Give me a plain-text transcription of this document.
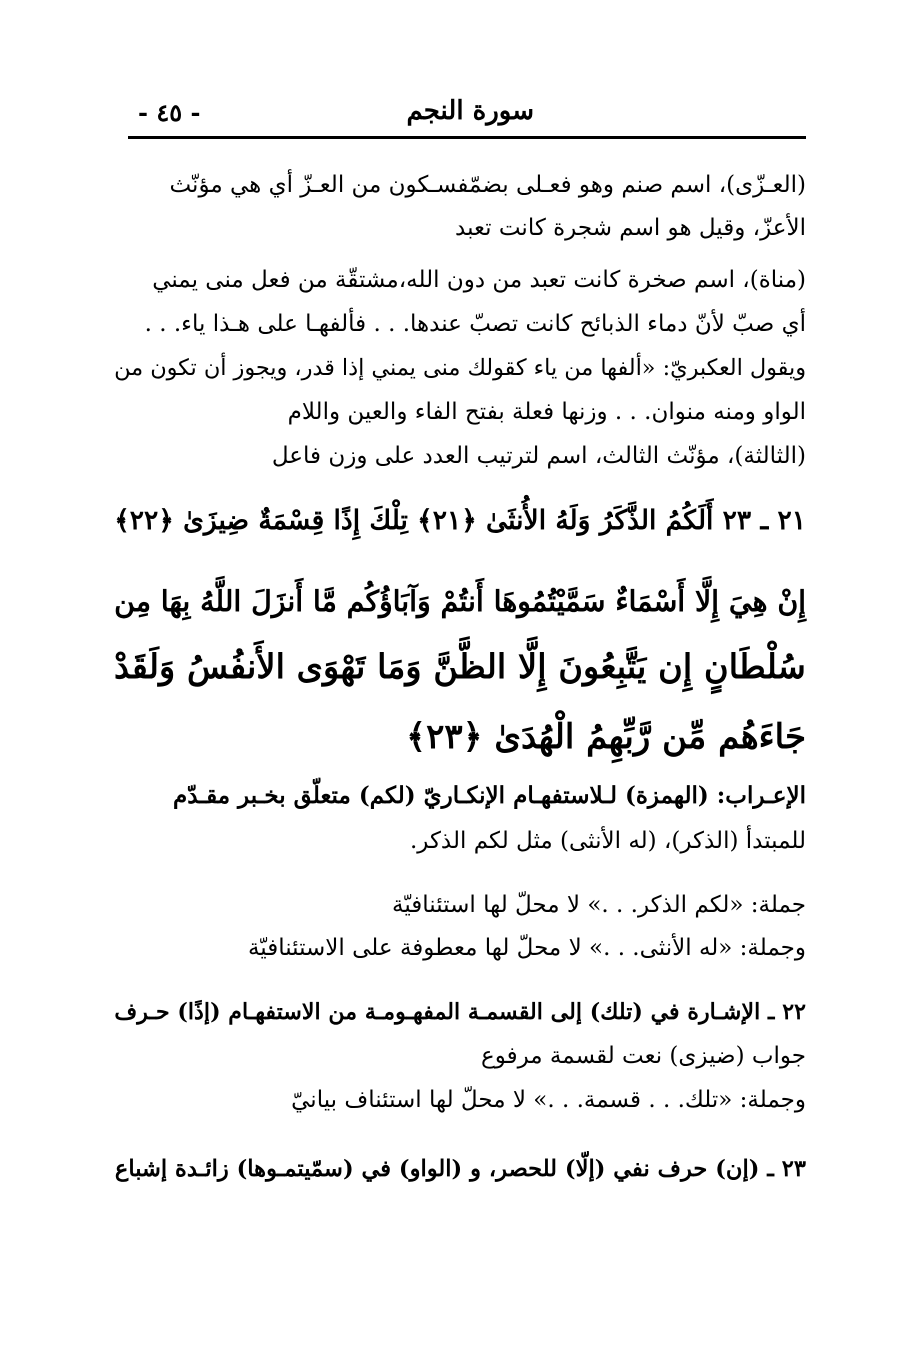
سورة النجم
- ٤٥ -
(العـزّى)، اسم صنم وهو فعـلى بضمّفسـكون من العـزّ أي هي مؤنّث
الأعزّ، وقيل هو اسم شجرة كانت تعبد
(مناة)، اسم صخرة كانت تعبد من دون الله،مشتقّة من فعل منى يمني
أي صبّ لأنّ دماء الذبائح كانت تصبّ عندها. . . فألفهـا على هـذا ياء. . .
ويقول العكبريّ: «ألفها من ياء كقولك منى يمني إذا قدر، ويجوز أن تكون من
الواو ومنه منوان. . . وزنها فعلة بفتح الفاء والعين واللام
(الثالثة)، مؤنّث الثالث، اسم لترتيب العدد على وزن فاعل
٢١ ـ ٢٣ أَلَكُمُ الذَّكَرُ وَلَهُ الأُنثَىٰ ﴿٢١﴾ تِلْكَ إِذًا قِسْمَةٌ ضِيزَىٰ ﴿٢٢﴾
إِنْ هِيَ إِلَّا أَسْمَاءٌ سَمَّيْتُمُوهَا أَنتُمْ وَآبَاؤُكُم مَّا أَنزَلَ اللَّهُ بِهَا مِن
سُلْطَانٍ إِن يَتَّبِعُونَ إِلَّا الظَّنَّ وَمَا تَهْوَى الأَنفُسُ وَلَقَدْ
جَاءَهُم مِّن رَّبِّهِمُ الْهُدَىٰ ﴿٢٣﴾
الإعـراب: (الهمزة) لـلاستفهـام الإنكـاريّ (لكم) متعلّق بخـبر مقـدّم
للمبتدأ (الذكر)، (له الأنثى) مثل لكم الذكر.
جملة: «لكم الذكر. . .» لا محلّ لها استئنافيّة
وجملة: «له الأنثى. . .» لا محلّ لها معطوفة على الاستئنافيّة
٢٢ ـ الإشـارة في (تلك) إلى القسمـة المفهـومـة من الاستفهـام (إذًا) حـرف
جواب (ضيزى) نعت لقسمة مرفوع
وجملة: «تلك. . . قسمة. . .» لا محلّ لها استئناف بيانيّ
٢٣ ـ (إن) حرف نفي (إلّا) للحصر، و (الواو) في (سمّيتمـوها) زائـدة إشباع
